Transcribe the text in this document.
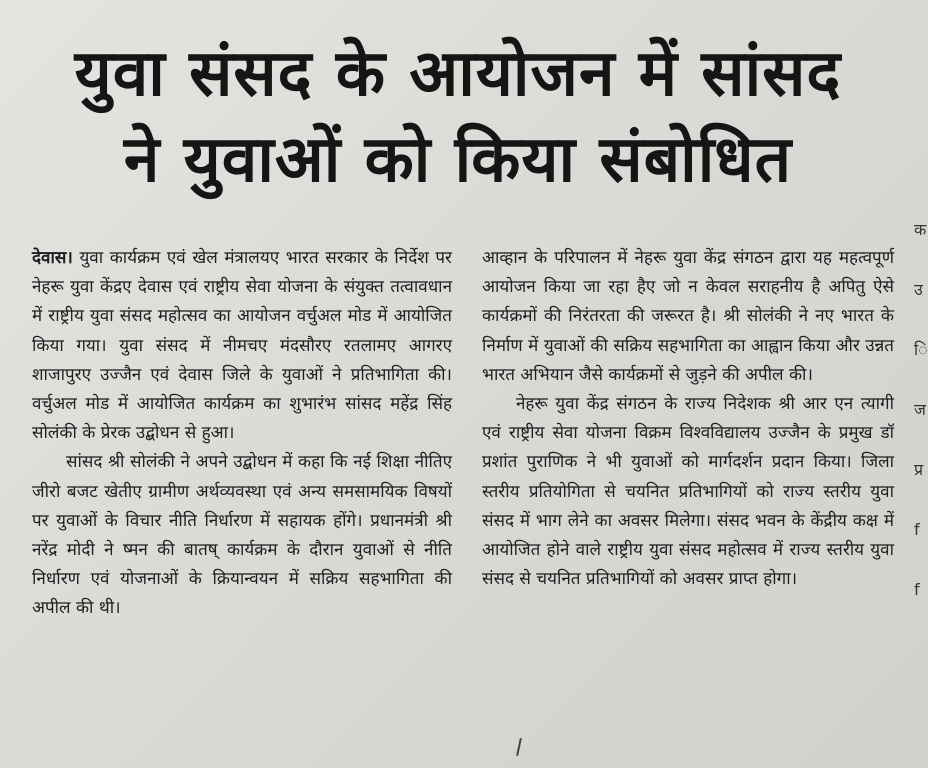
युवा संसद के आयोजन में सांसद
ने युवाओं को किया संबोधित

देवास। युवा कार्यक्रम एवं खेल मंत्रालयए भारत सरकार के निर्देश पर नेहरू युवा केंद्रए देवास एवं राष्ट्रीय सेवा योजना के संयुक्त तत्वावधान में राष्ट्रीय युवा संसद महोत्सव का आयोजन वर्चुअल मोड में आयोजित किया गया। युवा संसद में नीमचए मंदसौरए रतलामए आगरए शाजापुरए उज्जैन एवं देवास जिले के युवाओं ने प्रतिभागिता की। वर्चुअल मोड में आयोजित कार्यक्रम का शुभारंभ सांसद महेंद्र सिंह सोलंकी के प्रेरक उद्बोधन से हुआ।

सांसद श्री सोलंकी ने अपने उद्बोधन में कहा कि नई शिक्षा नीतिए जीरो बजट खेतीए ग्रामीण अर्थव्यवस्था एवं अन्य समसामयिक विषयों पर युवाओं के विचार नीति निर्धारण में सहायक होंगे। प्रधानमंत्री श्री नरेंद्र मोदी ने ष्मन की बातष् कार्यक्रम के दौरान युवाओं से नीति निर्धारण एवं योजनाओं के क्रियान्वयन में सक्रिय सहभागिता की अपील की थी।

आव्हान के परिपालन में नेहरू युवा केंद्र संगठन द्वारा यह महत्वपूर्ण आयोजन किया जा रहा हैए जो न केवल सराहनीय है अपितु ऐसे कार्यक्रमों की निरंतरता की जरूरत है। श्री सोलंकी ने नए भारत के निर्माण में युवाओं की सक्रिय सहभागिता का आह्वान किया और उन्नत भारत अभियान जैसे कार्यक्रमों से जुड़ने की अपील की।

नेहरू युवा केंद्र संगठन के राज्य निदेशक श्री आर एन त्यागी एवं राष्ट्रीय सेवा योजना विक्रम विश्वविद्यालय उज्जैन के प्रमुख डॉ प्रशांत पुराणिक ने भी युवाओं को मार्गदर्शन प्रदान किया। जिला स्तरीय प्रतियोगिता से चयनित प्रतिभागियों को राज्य स्तरीय युवा संसद में भाग लेने का अवसर मिलेगा। संसद भवन के केंद्रीय कक्ष में आयोजित होने वाले राष्ट्रीय युवा संसद महोत्सव में राज्य स्तरीय युवा संसद से चयनित प्रतिभागियों को अवसर प्राप्त होगा।

क
उ
ि
ज
प्र
f
f
